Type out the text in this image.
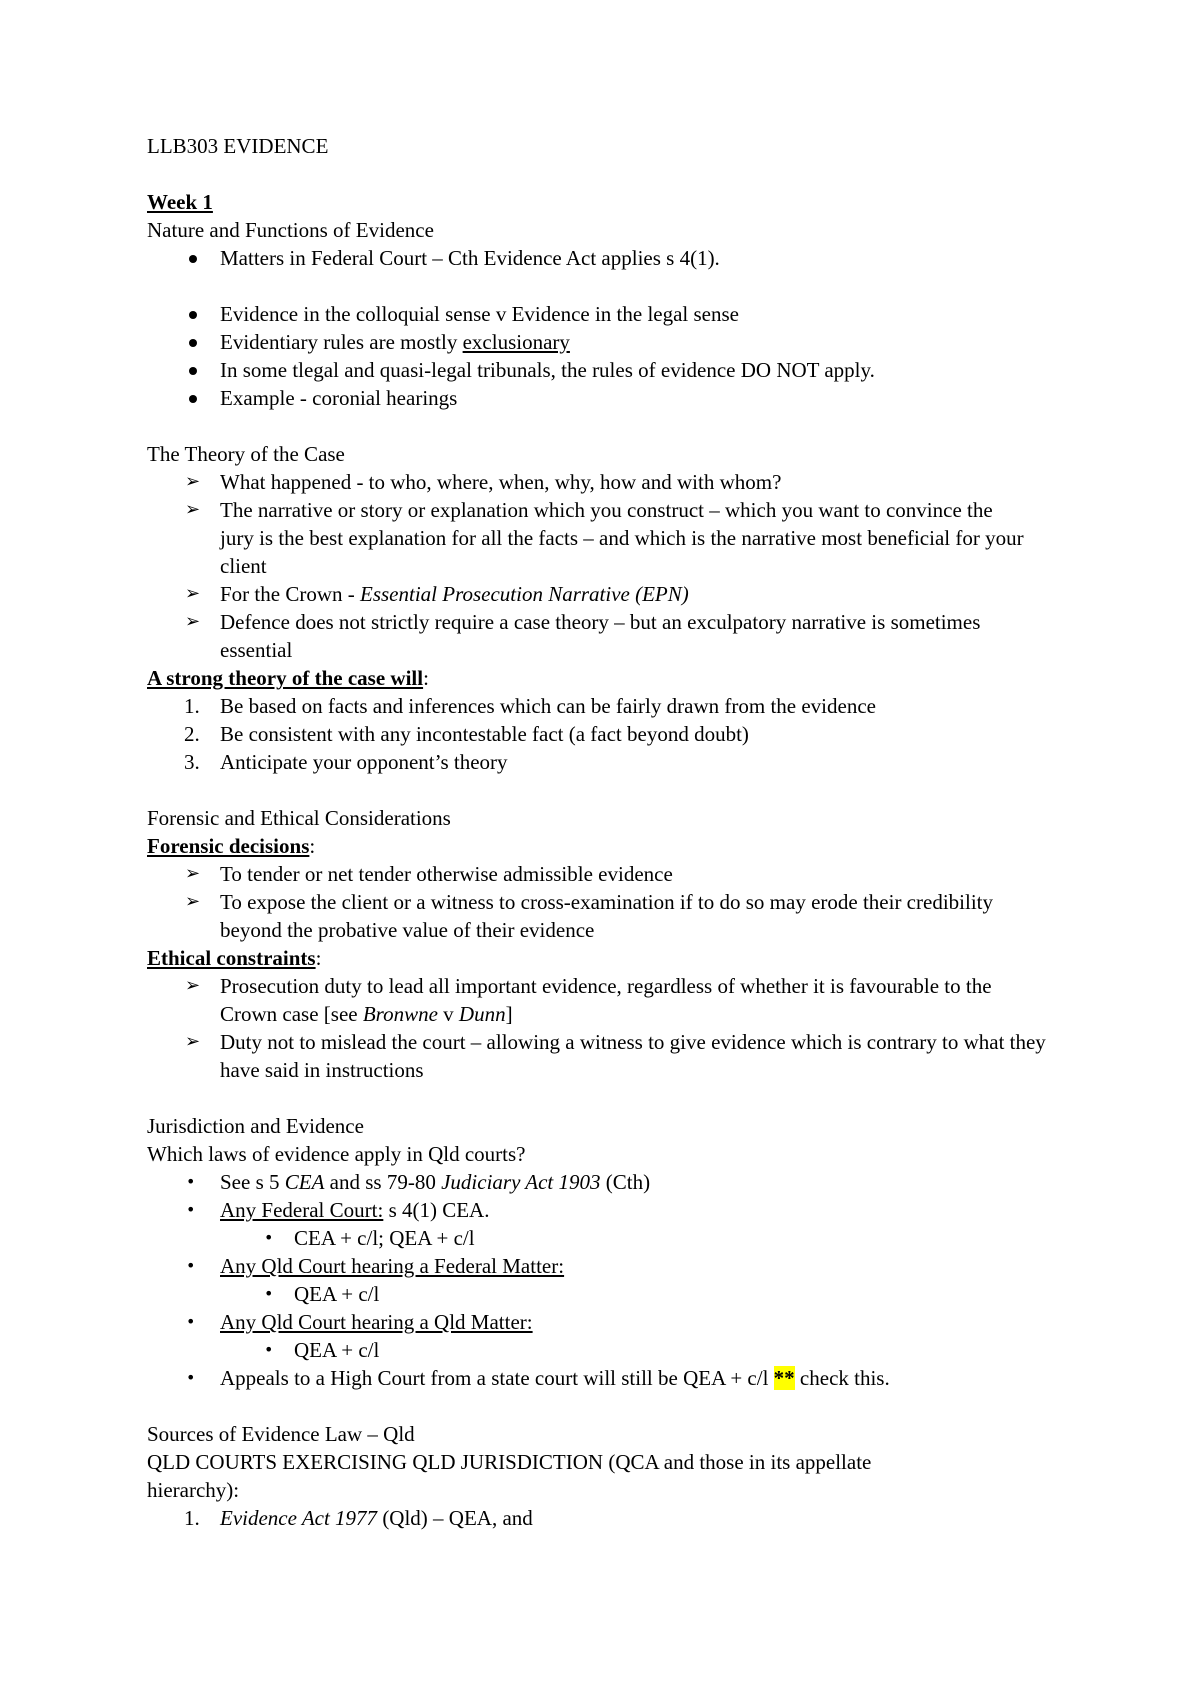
LLB303 EVIDENCE
Week 1
Nature and Functions of Evidence
Matters in Federal Court – Cth Evidence Act applies s 4(1).
Evidence in the colloquial sense v Evidence in the legal sense
Evidentiary rules are mostly exclusionary
In some tlegal and quasi-legal tribunals, the rules of evidence DO NOT apply.
Example - coronial hearings
The Theory of the Case
➢ What happened - to who, where, when, why, how and with whom?
➢ The narrative or story or explanation which you construct – which you want to convince the jury is the best explanation for all the facts – and which is the narrative most beneficial for your client
➢ For the Crown - Essential Prosecution Narrative (EPN)
➢ Defence does not strictly require a case theory – but an exculpatory narrative is sometimes essential
A strong theory of the case will:
1. Be based on facts and inferences which can be fairly drawn from the evidence
2. Be consistent with any incontestable fact (a fact beyond doubt)
3. Anticipate your opponent’s theory
Forensic and Ethical Considerations
Forensic decisions:
➢ To tender or net tender otherwise admissible evidence
➢ To expose the client or a witness to cross-examination if to do so may erode their credibility beyond the probative value of their evidence
Ethical constraints:
➢ Prosecution duty to lead all important evidence, regardless of whether it is favourable to the Crown case [see Bronwne v Dunn]
➢ Duty not to mislead the court – allowing a witness to give evidence which is contrary to what they have said in instructions
Jurisdiction and Evidence
Which laws of evidence apply in Qld courts?
• See s 5 CEA and ss 79-80 Judiciary Act 1903 (Cth)
• Any Federal Court: s 4(1) CEA.
• CEA + c/l; QEA + c/l
• Any Qld Court hearing a Federal Matter:
• QEA + c/l
• Any Qld Court hearing a Qld Matter:
• QEA + c/l
• Appeals to a High Court from a state court will still be QEA + c/l ** check this.
Sources of Evidence Law – Qld
QLD COURTS EXERCISING QLD JURISDICTION (QCA and those in its appellate hierarchy):
1. Evidence Act 1977 (Qld) – QEA, and
